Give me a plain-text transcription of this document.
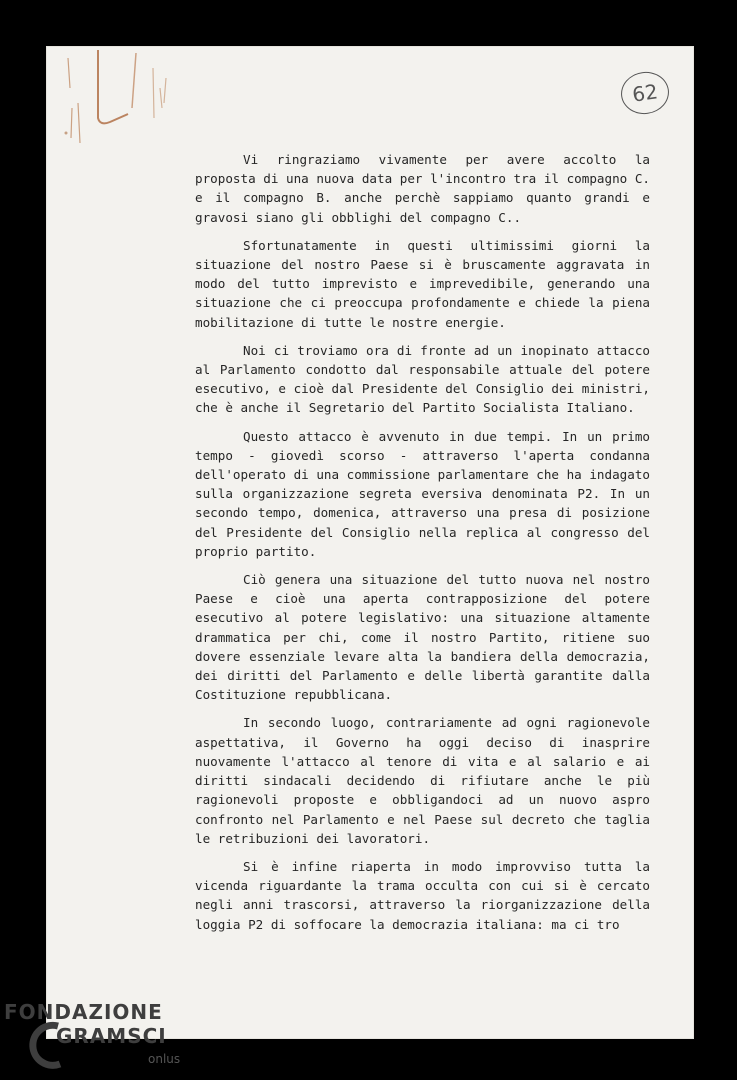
62

Vi ringraziamo vivamente per avere accolto la proposta di una nuova data per l'incontro tra il compagno C. e il compagno B. anche perchè sappiamo quanto grandi e gravosi siano gli obblighi del compagno C..

Sfortunatamente in questi ultimissimi giorni la situazione del nostro Paese si è bruscamente aggravata in modo del tutto imprevisto e imprevedibile, generando una situazione che ci preoccupa profondamente e chiede la piena mobilitazione di tutte le nostre energie.

Noi ci troviamo ora di fronte ad un inopinato attacco al Parlamento condotto dal responsabile attuale del potere esecutivo, e cioè dal Presidente del Consiglio dei ministri, che è anche il Segretario del Partito Socialista Italiano.

Questo attacco è avvenuto in due tempi. In un primo tempo - giovedì scorso - attraverso l'aperta condanna dell'operato di una commissione parlamentare che ha indagato sulla organizzazione segreta eversiva denominata P2. In un secondo tempo, domenica, attraverso una presa di posizione del Presidente del Consiglio nella replica al congresso del proprio partito.

Ciò genera una situazione del tutto nuova nel nostro Paese e cioè una aperta contrapposizione del potere esecutivo al potere legislativo: una situazione altamente drammatica per chi, come il nostro Partito, ritiene suo dovere essenziale levare alta la bandiera della democrazia, dei diritti del Parlamento e delle libertà garantite dalla Costituzione repubblicana.

In secondo luogo, contrariamente ad ogni ragionevole aspettativa, il Governo ha oggi deciso di inasprire nuovamente l'attacco al tenore di vita e al salario e ai diritti sindacali decidendo di rifiutare anche le più ragionevoli proposte e obbligandoci ad un nuovo aspro confronto nel Parlamento e nel Paese sul decreto che taglia le retribuzioni dei lavoratori.

Si è infine riaperta in modo improvviso tutta la vicenda riguardante la trama occulta con cui si è cercato negli anni trascorsi, attraverso la riorganizzazione della loggia P2 di soffocare la democrazia italiana: ma ci tro

FONDAZIONE
GRAMSCI
onlus
